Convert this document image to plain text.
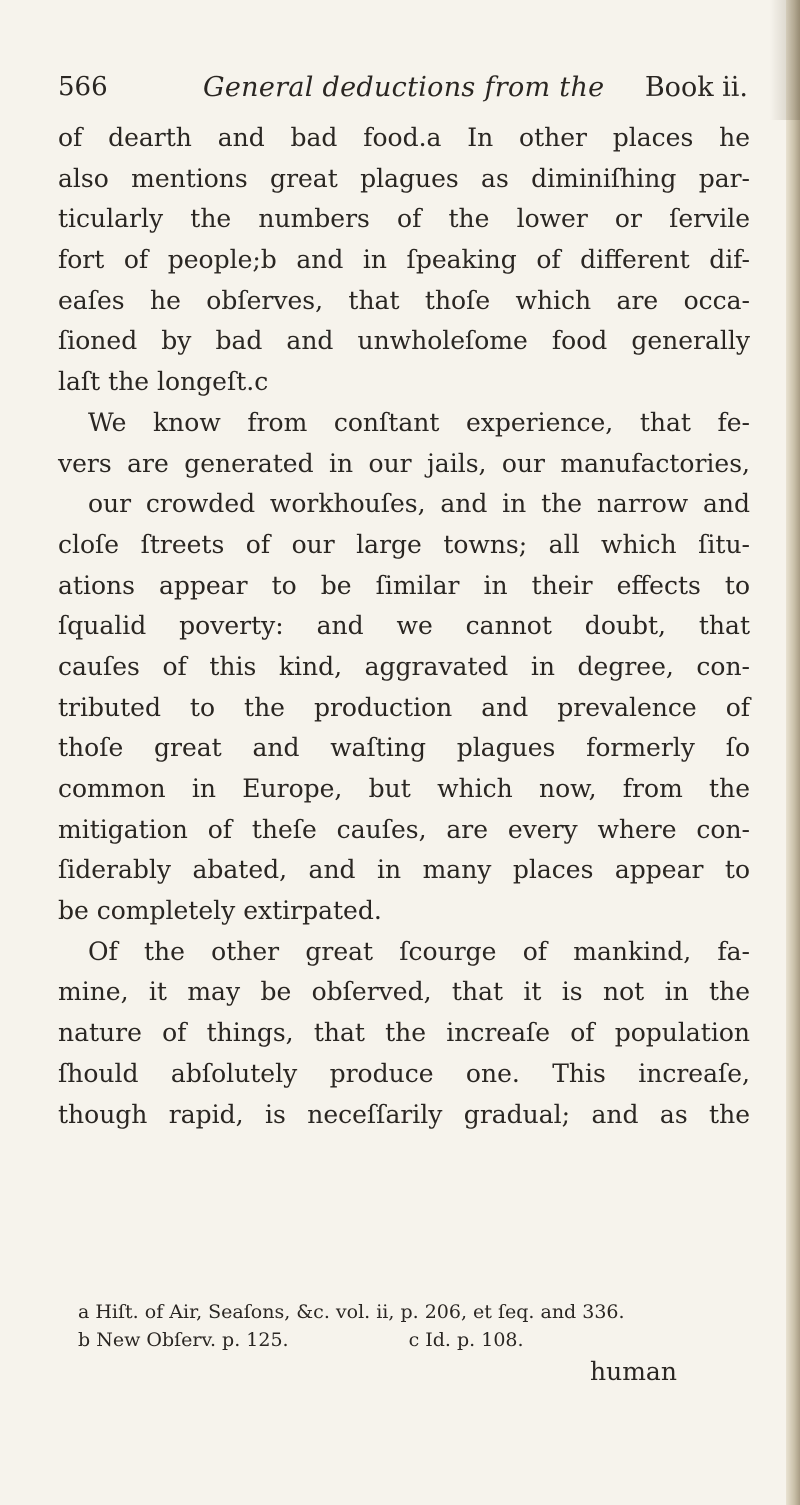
566	General deductions from the Book ii.
of dearth and bad food.a In other places he
also mentions great plagues as diminiſhing par-
ticularly the numbers of the lower or ſervile
fort of people;b and in ſpeaking of different dif-
eaſes he obſerves, that thoſe which are occa-
ſioned by bad and unwholeſome food generally
laſt the longeſt.c
We know from conſtant experience, that fe-
vers are generated in our jails, our manufactories,
our crowded workhouſes, and in the narrow and
cloſe ſtreets of our large towns; all which ſitu-
ations appear to be ſimilar in their effects to
ſqualid poverty: and we cannot doubt, that
cauſes of this kind, aggravated in degree, con-
tributed to the production and prevalence of
thoſe great and waſting plagues formerly ſo
common in Europe, but which now, from the
mitigation of theſe cauſes, are every where con-
ſiderably abated, and in many places appear to
be completely extirpated.
Of the other great ſcourge of mankind, fa-
mine, it may be obſerved, that it is not in the
nature of things, that the increaſe of population
ſhould abſolutely produce one. This increaſe,
though rapid, is neceſſarily gradual; and as the
a Hiſt. of Air, Seaſons, &c. vol. ii, p. 206, et ſeq. and 336.
b New Obſerv. p. 125.	c Id. p. 108.
human
